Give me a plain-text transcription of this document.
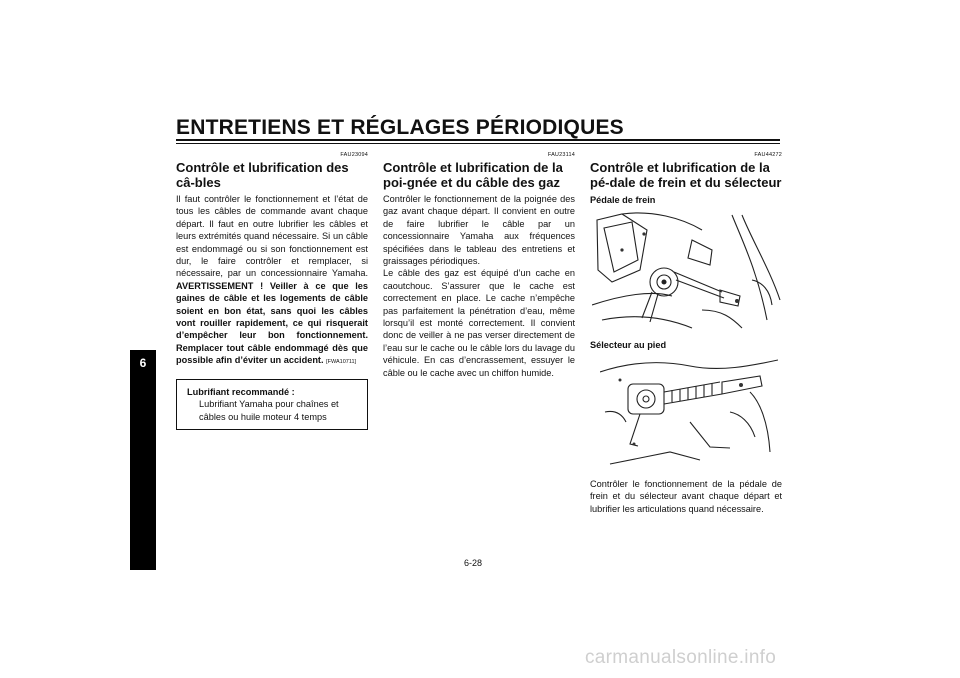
ENTRETIENS ET RÉGLAGES PÉRIODIQUES
6
FAU23094
Contrôle et lubrification des câ-bles
Il faut contrôler le fonctionnement et l’état de tous les câbles de commande avant chaque départ. Il faut en outre lubrifier les câbles et leurs extrémités quand nécessaire. Si un câble est endommagé ou si son fonctionnement est dur, le faire contrôler et remplacer, si nécessaire, par un concessionnaire Yamaha. AVERTISSEMENT ! Veiller à ce que les gaines de câble et les logements de câble soient en bon état, sans quoi les câbles vont rouiller rapidement, ce qui risquerait d’empêcher leur bon fonctionnement. Remplacer tout câble endommagé dès que possible afin d’éviter un accident. [FWA10711]
Lubrifiant recommandé :
Lubrifiant Yamaha pour chaînes et
câbles ou huile moteur 4 temps
FAU23114
Contrôle et lubrification de la poi-gnée et du câble des gaz
Contrôler le fonctionnement de la poignée des gaz avant chaque départ. Il convient en outre de faire lubrifier le câble par un concessionnaire Yamaha aux fréquences spécifiées dans le tableau des entretiens et graissages périodiques.
Le câble des gaz est équipé d’un cache en caoutchouc. S’assurer que le cache est correctement en place. Le cache n’empêche pas parfaitement la pénétration d’eau, même lorsqu’il est monté correctement. Il convient donc de veiller à ne pas verser directement de l’eau sur le cache ou le câble lors du lavage du véhicule. En cas d’encrassement, essuyer le câble ou le cache avec un chiffon humide.
FAU44272
Contrôle et lubrification de la pé-dale de frein et du sélecteur
Pédale de frein
Sélecteur au pied
Contrôler le fonctionnement de la pédale de frein et du sélecteur avant chaque départ et lubrifier les articulations quand nécessaire.
6-28
carmanualsonline.info
